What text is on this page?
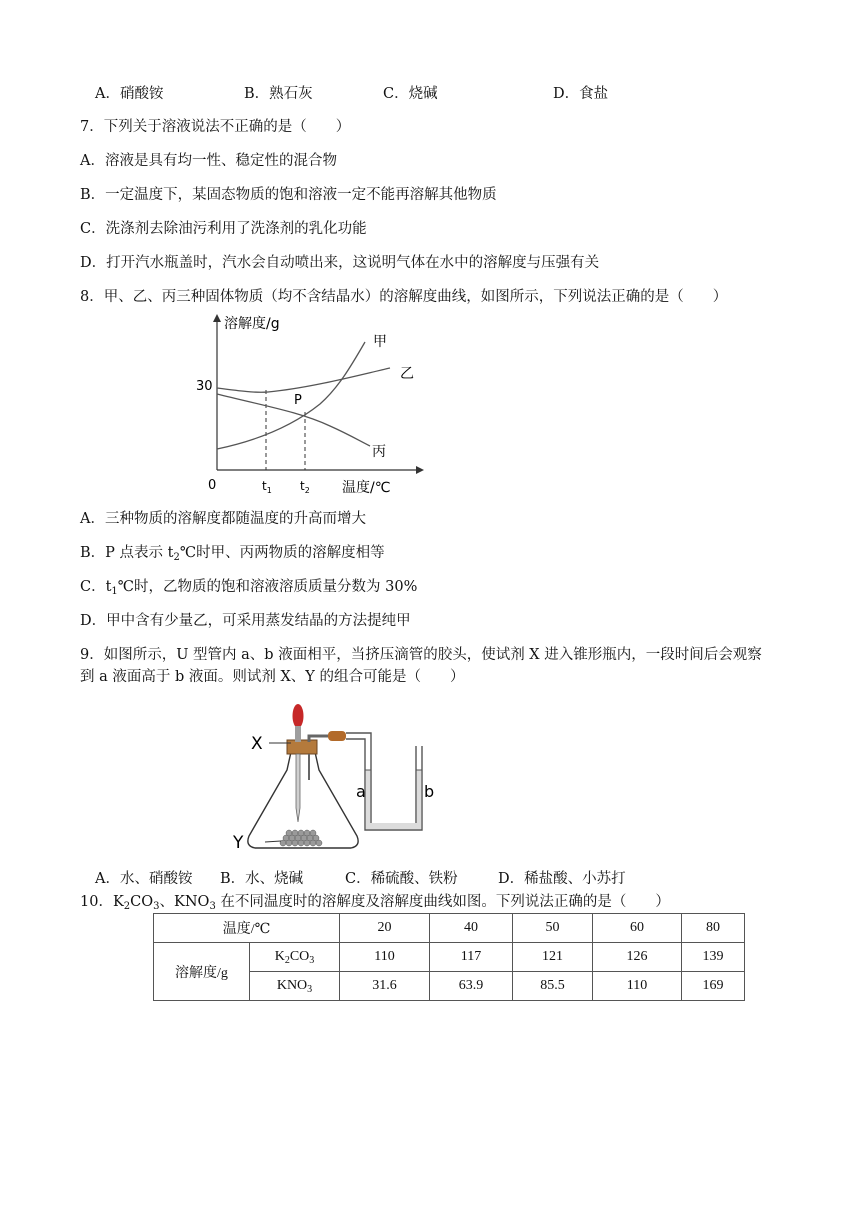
A．硝酸铵	B．熟石灰	C．烧碱	D．食盐
7．下列关于溶液说法不正确的是（　　）
A．溶液是具有均一性、稳定性的混合物
B．一定温度下，某固态物质的饱和溶液一定不能再溶解其他物质
C．洗涤剂去除油污利用了洗涤剂的乳化功能
D．打开汽水瓶盖时，汽水会自动喷出来，这说明气体在水中的溶解度与压强有关
8．甲、乙、丙三种固体物质（均不含结晶水）的溶解度曲线，如图所示，下列说法正确的是（　　）
溶解度/g
温度/℃
0
30
甲
乙
丙
P
$t_1$ $t_2$
A．三种物质的溶解度都随温度的升高而增大
B．P 点表示 $t_2℃$时甲、丙两物质的溶解度相等
C．$t_1℃$时，乙物质的饱和溶液溶质质量分数为 30%
D．甲中含有少量乙，可采用蒸发结晶的方法提纯甲
9．如图所示，U 型管内 a、b 液面相平，当挤压滴管的胶头，使试剂 X 进入锥形瓶内，一段时间后会观察
到 a 液面高于 b 液面。则试剂 X、Y 的组合可能是（　　）
X
Y
a	b
A．水、硝酸铵 B．水、烧碱	C．稀硫酸、铁粉	D．稀盐酸、小苏打
10．$K_2CO_3$、$KNO_3$ 在不同温度时的溶解度及溶解度曲线如图。下列说法正确的是（　　）
温度/℃		20	40	50	60	80
溶解度/g	$K_2CO_3$	110	117	121	126	139
	$KNO_3$	31.6	63.9	85.5	110	169
